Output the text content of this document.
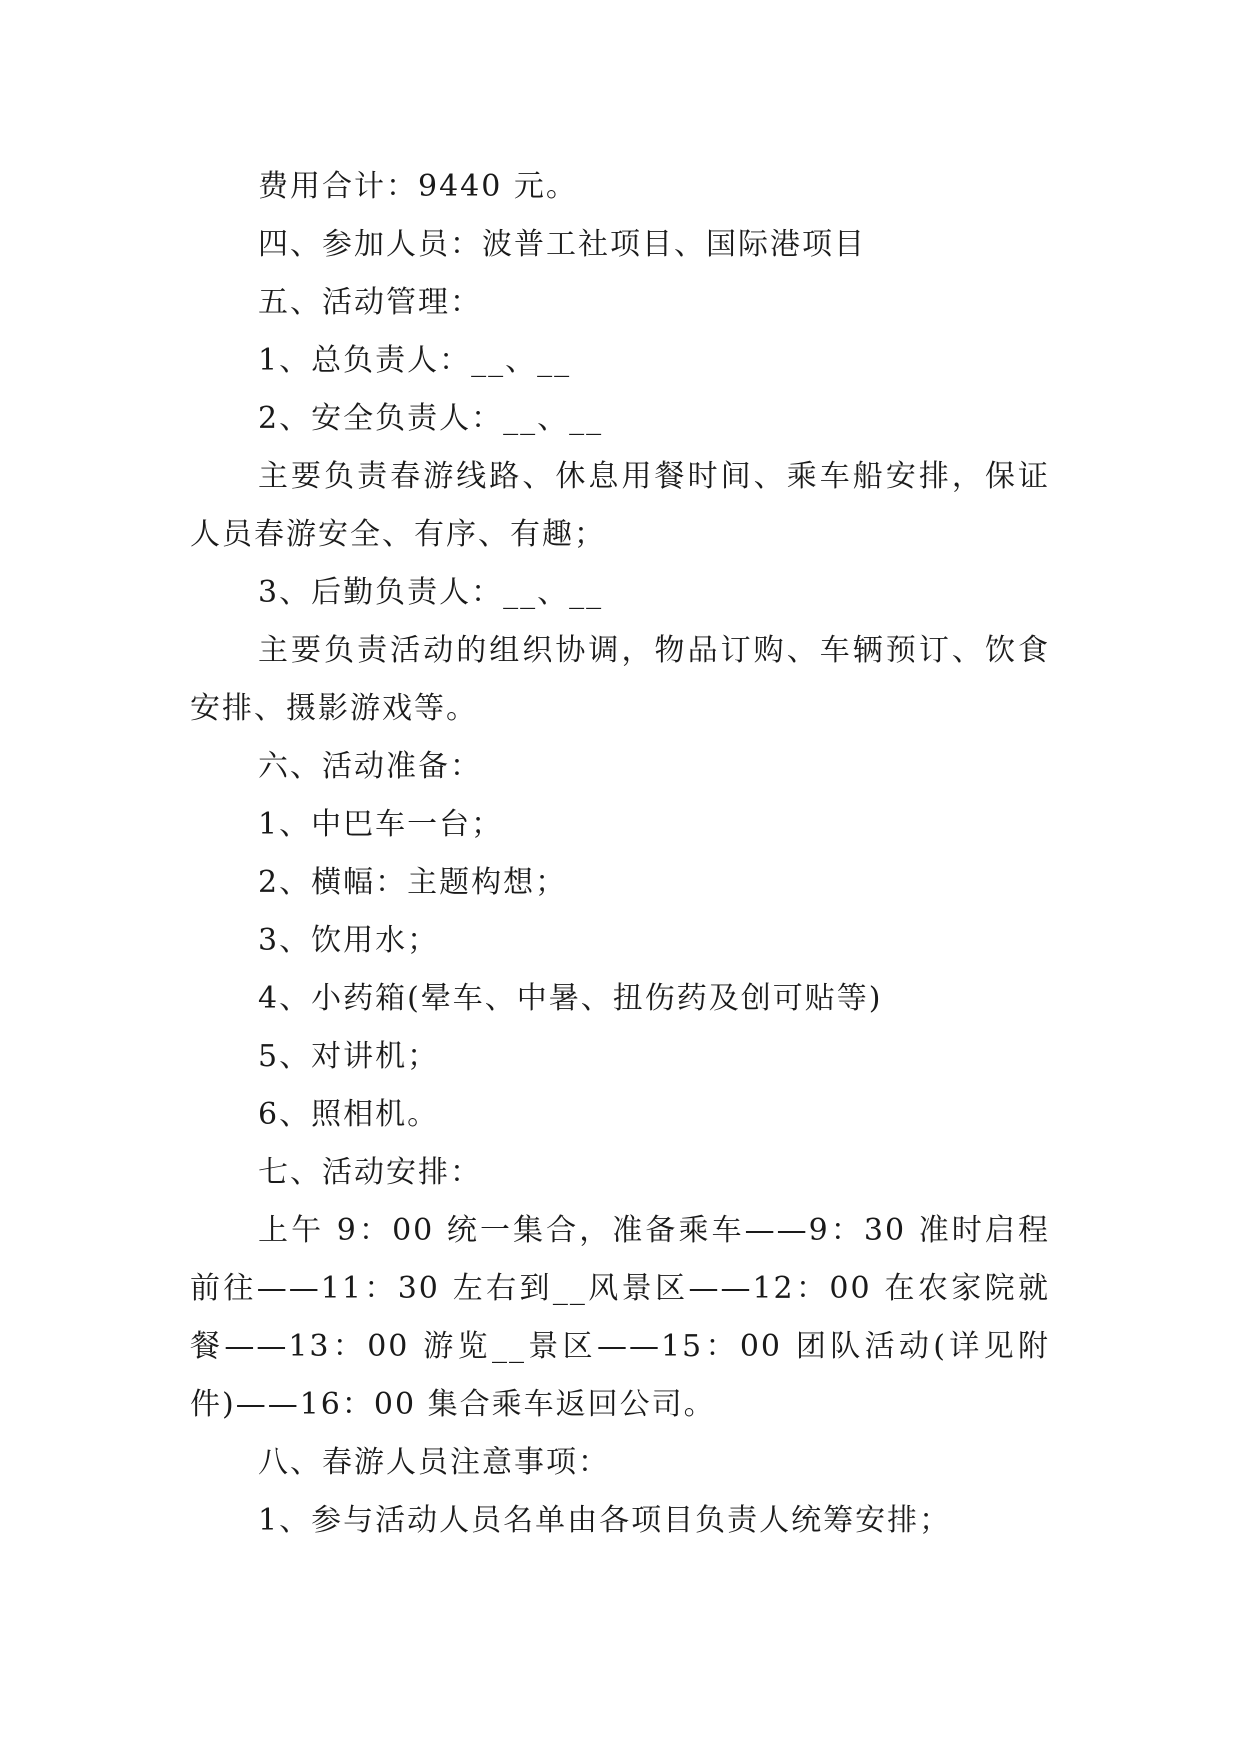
费用合计：9440 元。

四、参加人员：波普工社项目、国际港项目

五、活动管理：

1、总负责人：__、__

2、安全负责人：__、__

主要负责春游线路、休息用餐时间、乘车船安排，保证人员春游安全、有序、有趣；

3、后勤负责人：__、__

主要负责活动的组织协调，物品订购、车辆预订、饮食安排、摄影游戏等。

六、活动准备：

1、中巴车一台；

2、横幅：主题构想；

3、饮用水；

4、小药箱(晕车、中暑、扭伤药及创可贴等)

5、对讲机；

6、照相机。

七、活动安排：

上午 9：00 统一集合，准备乘车——9：30 准时启程前往——11：30 左右到__风景区——12：00 在农家院就餐——13：00 游览__景区——15：00 团队活动(详见附件)——16：00 集合乘车返回公司。

八、春游人员注意事项：

1、参与活动人员名单由各项目负责人统筹安排；
